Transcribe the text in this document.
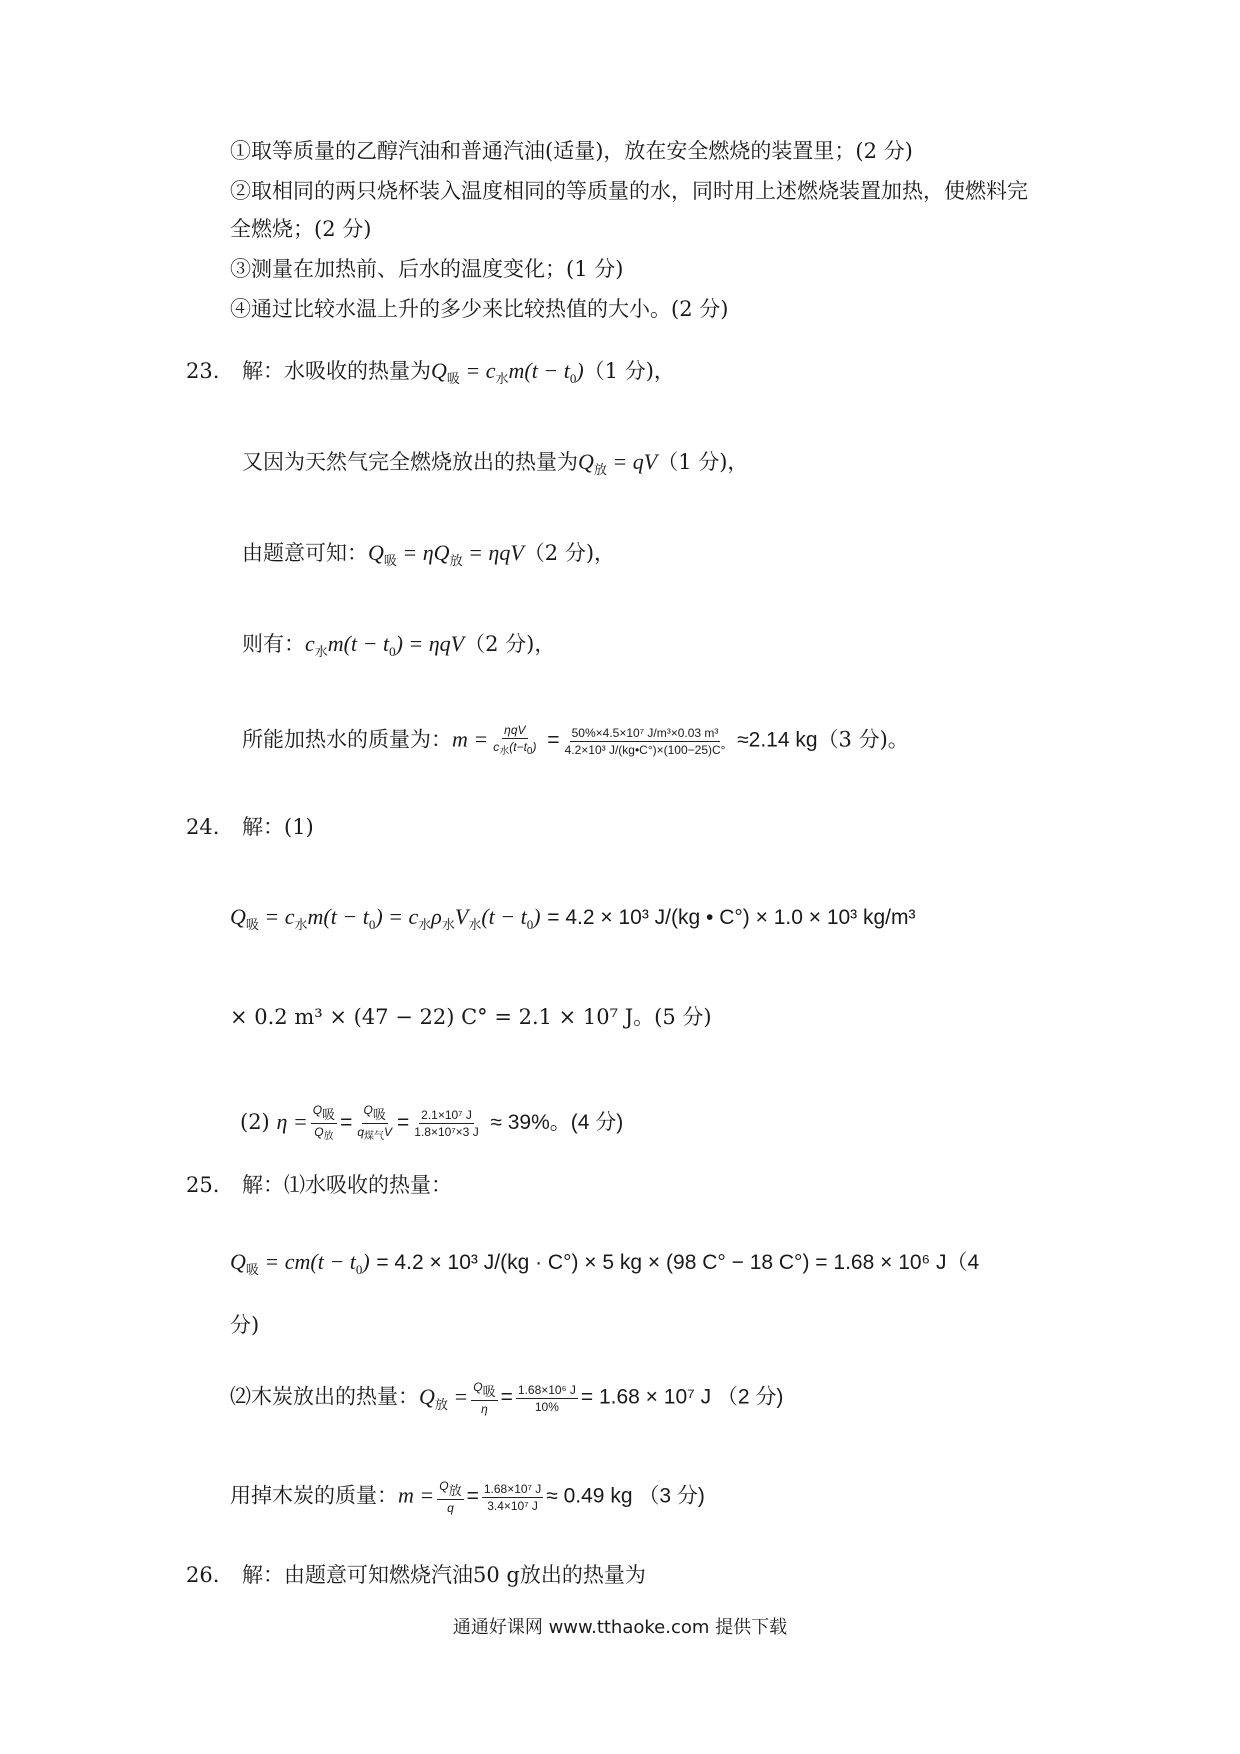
①取等质量的乙醇汽油和普通汽油(适量)，放在安全燃烧的装置里；(2 分)
②取相同的两只烧杯装入温度相同的等质量的水，同时用上述燃烧装置加热，使燃料完
全燃烧；(2 分)
③测量在加热前、后水的温度变化；(1 分)
④通过比较水温上升的多少来比较热值的大小。(2 分)
23. 解：水吸收的热量为$Q_吸 = c_水m(t - t_0)(1$ 分)，
又因为天然气完全燃烧放出的热量为$Q_放 = qV(1$ 分)，
由题意可知：$Q_吸 = \eta Q_放 = \eta qV(2$ 分)，
则有：$c_水m(t - t_0) = \eta qV(2$ 分)，
所能加热水的质量为：$m = \frac{\text{ηqV}}{c_水(t-t_0)} = \frac{\text{50\%×4.5×10⁷ J/m³×0.03 m³}}{\text{4.2×10³ J/(kg•C°)×(100−25)C°}} \approx 2.14$ kg（3 分)。
24. 解：(1)
$Q_吸 = c_水m(t - t_0) = c_水\rho_水V_水(t - t_0) = 4.2 \times 10^3$ J/(kg • C°) × 1.0 × 10³ kg/m³
× 0.2 m³ × (47 − 22) C° = 2.1 × 10⁷ J。(5 分)
(2) $\eta = \frac{\text{Q吸}}{Q_放} = \frac{\text{Q吸}}{q_{煤气}V} = \frac{\text{2.1×10⁷ J}}{\text{1.8×10⁷×3 J}} \approx 39\%$。(4 分)
25. 解：⑴水吸收的热量：
$Q_吸 = cm(t - t_0) = 4.2 \times 10^3$ J/(kg · C°) × 5 kg × (98 C° − 18 C°) = 1.68 × 10⁶ J（4
分)
⑵木炭放出的热量：$Q_放 = \frac{\text{Q吸}}{\eta} = \frac{\text{1.68×10⁶ J}}{10\%} = 1.68 \times 10^7$ J （2 分)
用掉木炭的质量：$m = \frac{\text{Q放}}{q} = \frac{\text{1.68×10⁷ J}}{\text{3.4×10⁷ J}} \approx 0.49$ kg （3 分)
26. 解：由题意可知燃烧汽油50 g放出的热量为
通通好课网 www.tthaoke.com 提供下载
